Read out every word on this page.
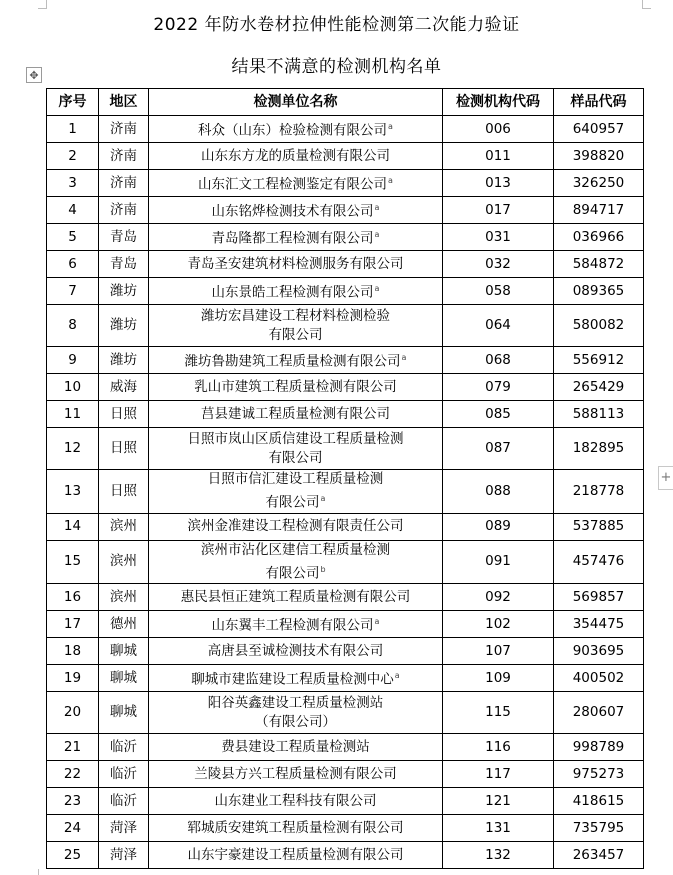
2022 年防水卷材拉伸性能检测第二次能力验证
结果不满意的检测机构名单
✥
+
序号	地区	检测单位名称	检测机构代码	样品代码
1	济南	科众（山东）检验检测有限公司$^a$	006	640957
2	济南	山东东方龙的质量检测有限公司	011	398820
3	济南	山东汇文工程检测鉴定有限公司$^a$	013	326250
4	济南	山东铭烨检测技术有限公司$^a$	017	894717
5	青岛	青岛隆都工程检测有限公司$^a$	031	036966
6	青岛	青岛圣安建筑材料检测服务有限公司	032	584872
7	潍坊	山东景皓工程检测有限公司$^a$	058	089365
8	潍坊	潍坊宏昌建设工程材料检测检验
有限公司	064	580082
9	潍坊	潍坊鲁勘建筑工程质量检测有限公司$^a$	068	556912
10	威海	乳山市建筑工程质量检测有限公司	079	265429
11	日照	莒县建诚工程质量检测有限公司	085	588113
12	日照	日照市岚山区质信建设工程质量检测
有限公司	087	182895
13	日照	日照市信汇建设工程质量检测
有限公司$^a$	088	218778
14	滨州	滨州金准建设工程检测有限责任公司	089	537885
15	滨州	滨州市沾化区建信工程质量检测
有限公司$^b$	091	457476
16	滨州	惠民县恒正建筑工程质量检测有限公司	092	569857
17	德州	山东翼丰工程检测有限公司$^a$	102	354475
18	聊城	高唐县至诚检测技术有限公司	107	903695
19	聊城	聊城市建监建设工程质量检测中心$^a$	109	400502
20	聊城	阳谷英鑫建设工程质量检测站
（有限公司）	115	280607
21	临沂	费县建设工程质量检测站	116	998789
22	临沂	兰陵县方兴工程质量检测有限公司	117	975273
23	临沂	山东建业工程科技有限公司	121	418615
24	菏泽	郓城质安建筑工程质量检测有限公司	131	735795
25	菏泽	山东宇豪建设工程质量检测有限公司	132	263457
